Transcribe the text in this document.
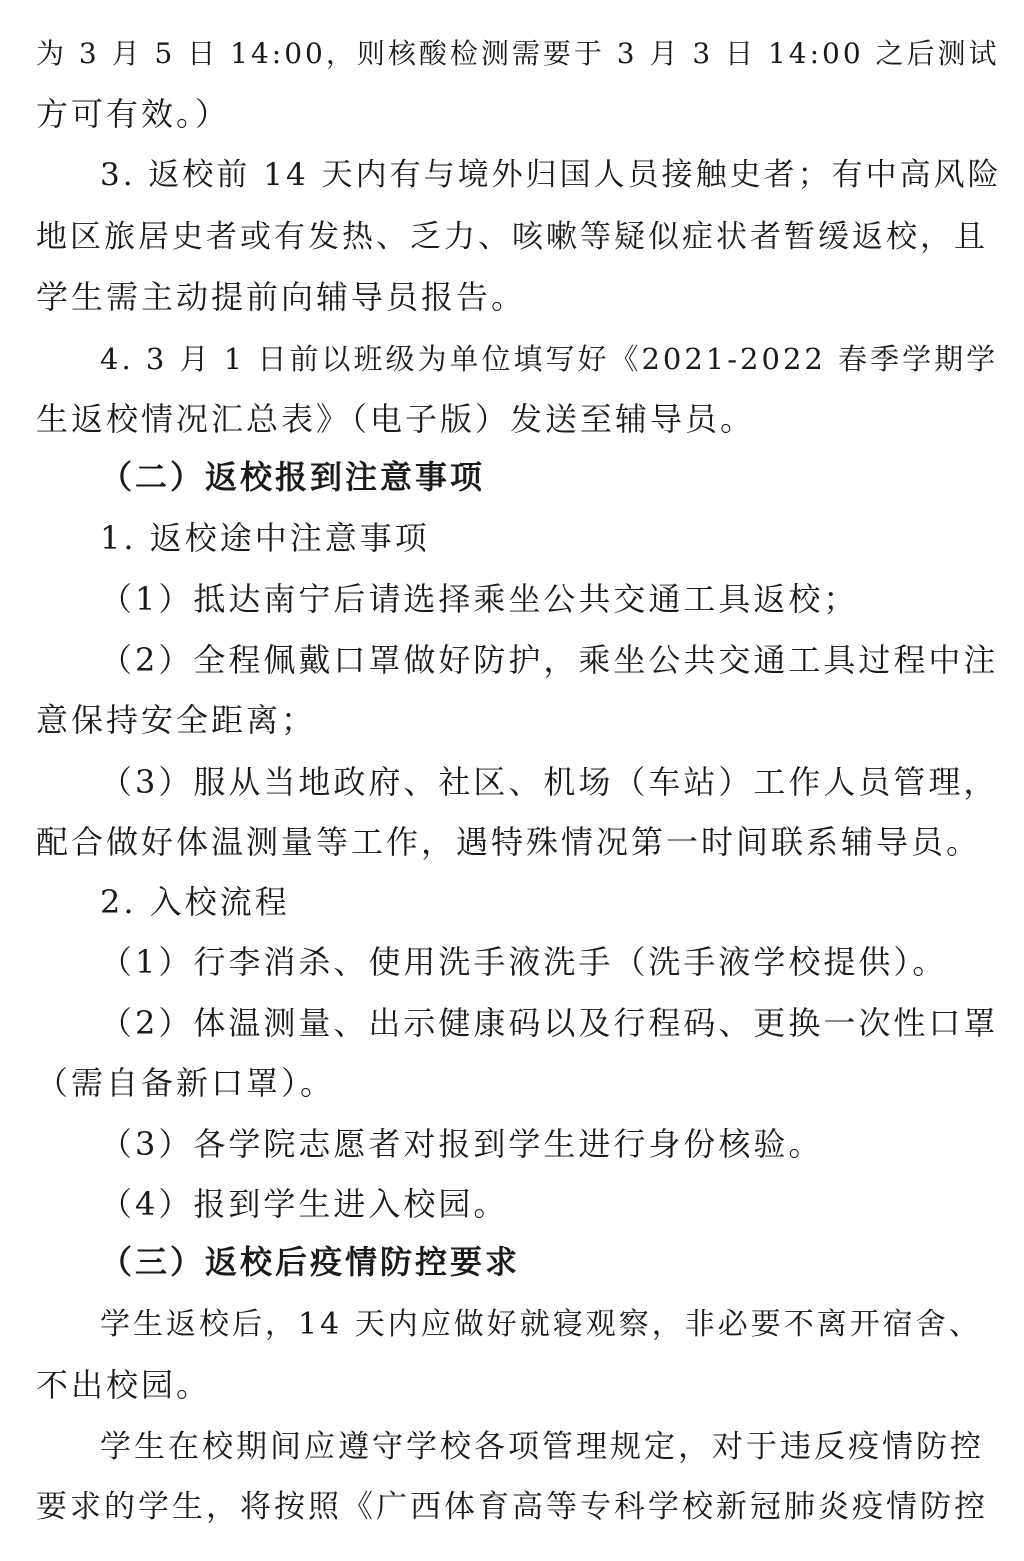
为 3 月 5 日 14:00，则核酸检测需要于 3 月 3 日 14:00 之后测试

方可有效。）

3. 返校前 14 天内有与境外归国人员接触史者；有中高风险

地区旅居史者或有发热、乏力、咳嗽等疑似症状者暂缓返校，且

学生需主动提前向辅导员报告。

4. 3 月 1 日前以班级为单位填写好《2021-2022 春季学期学

生返校情况汇总表》（电子版）发送至辅导员。

（二）返校报到注意事项

1. 返校途中注意事项

（1）抵达南宁后请选择乘坐公共交通工具返校；

（2）全程佩戴口罩做好防护，乘坐公共交通工具过程中注

意保持安全距离；

（3）服从当地政府、社区、机场（车站）工作人员管理，

配合做好体温测量等工作，遇特殊情况第一时间联系辅导员。

2. 入校流程

（1）行李消杀、使用洗手液洗手（洗手液学校提供）。

（2）体温测量、出示健康码以及行程码、更换一次性口罩

（需自备新口罩）。

（3）各学院志愿者对报到学生进行身份核验。

（4）报到学生进入校园。

（三）返校后疫情防控要求

学生返校后，14 天内应做好就寝观察，非必要不离开宿舍、

不出校园。

学生在校期间应遵守学校各项管理规定，对于违反疫情防控

要求的学生，将按照《广西体育高等专科学校新冠肺炎疫情防控
